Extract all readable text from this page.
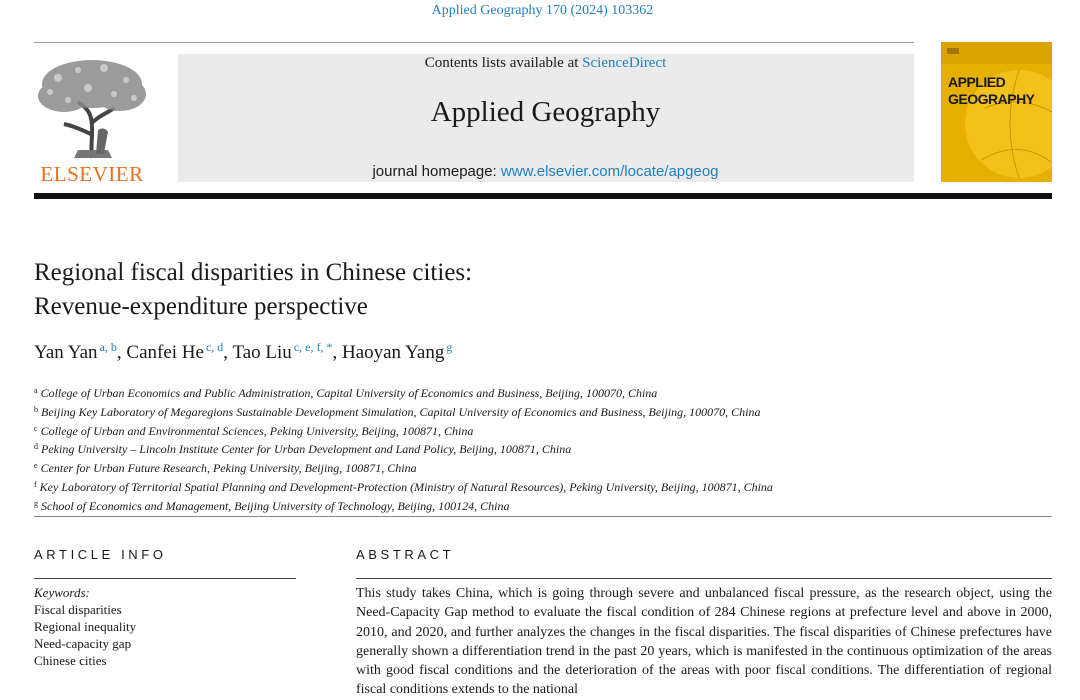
Applied Geography 170 (2024) 103362
ELSEVIER
Contents lists available at ScienceDirect
Applied Geography
journal homepage: www.elsevier.com/locate/apgeog
APPLIED
GEOGRAPHY
Regional fiscal disparities in Chinese cities:
Revenue-expenditure perspective
Yan Yan $^{a, b}$, Canfei He $^{c, d}$, Tao Liu $^{c, e, f, *}$, Haoyan Yang $^g$
$^a$ College of Urban Economics and Public Administration, Capital University of Economics and Business, Beijing, 100070, China
$^b$ Beijing Key Laboratory of Megaregions Sustainable Development Simulation, Capital University of Economics and Business, Beijing, 100070, China
$^c$ College of Urban and Environmental Sciences, Peking University, Beijing, 100871, China
$^d$ Peking University – Lincoln Institute Center for Urban Development and Land Policy, Beijing, 100871, China
$^e$ Center for Urban Future Research, Peking University, Beijing, 100871, China
$^f$ Key Laboratory of Territorial Spatial Planning and Development-Protection (Ministry of Natural Resources), Peking University, Beijing, 100871, China
$^g$ School of Economics and Management, Beijing University of Technology, Beijing, 100124, China
ARTICLE INFO	ABSTRACT
Keywords:
Fiscal disparities
Regional inequality
Need-capacity gap
Chinese cities
This study takes China, which is going through severe and unbalanced fiscal pressure, as the research object, using the Need-Capacity Gap method to evaluate the fiscal condition of 284 Chinese regions at prefecture level and above in 2000, 2010, and 2020, and further analyzes the changes in the fiscal disparities. The fiscal disparities of Chinese prefectures have generally shown a differentiation trend in the past 20 years, which is manifested in the continuous optimization of the areas with good fiscal conditions and the deterioration of the areas with poor fiscal conditions. The differentiation of regional fiscal conditions extends to the national
